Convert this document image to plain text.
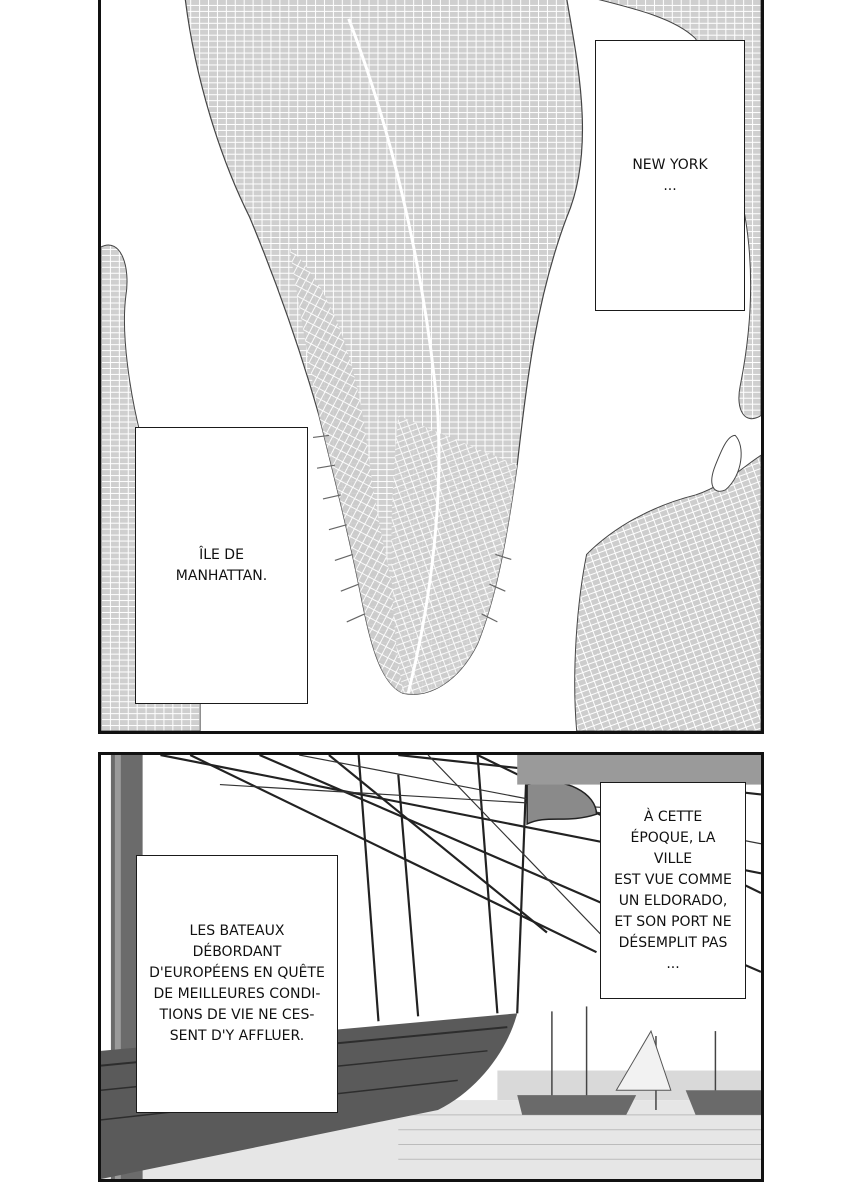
NEW YORK
...
ÎLE DE
MANHATTAN.
LES BATEAUX DÉBORDANT
D'EUROPÉENS EN QUÊTE
DE MEILLEURES CONDI-
TIONS DE VIE NE CES-
SENT D'Y AFFLUER.
À CETTE
ÉPOQUE, LA VILLE
EST VUE COMME
UN ELDORADO,
ET SON PORT NE
DÉSEMPLIT PAS
...
